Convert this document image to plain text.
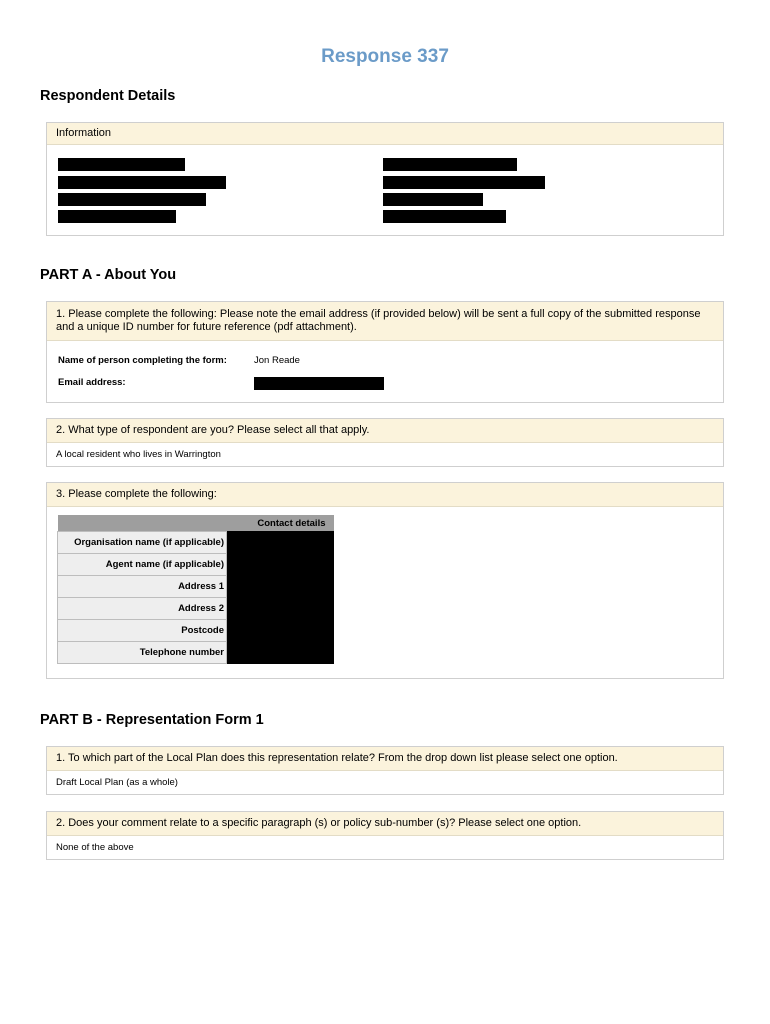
Response 337
Respondent Details
Information
PART A - About You
1. Please complete the following: Please note the email address (if provided below) will be sent a full copy of the submitted response and a unique ID number for future reference (pdf attachment).
Name of person completing the form:	Jon Reade
Email address:
2. What type of respondent are you? Please select all that apply.
A local resident who lives in Warrington
3. Please complete the following:
Contact details	
Organisation name (if applicable)	
Agent name (if applicable)	
Address 1	
Address 2	
Postcode	
Telephone number	
PART B - Representation Form 1
1. To which part of the Local Plan does this representation relate? From the drop down list please select one option.
Draft Local Plan (as a whole)
2. Does your comment relate to a specific paragraph (s) or policy sub-number (s)? Please select one option.
None of the above
